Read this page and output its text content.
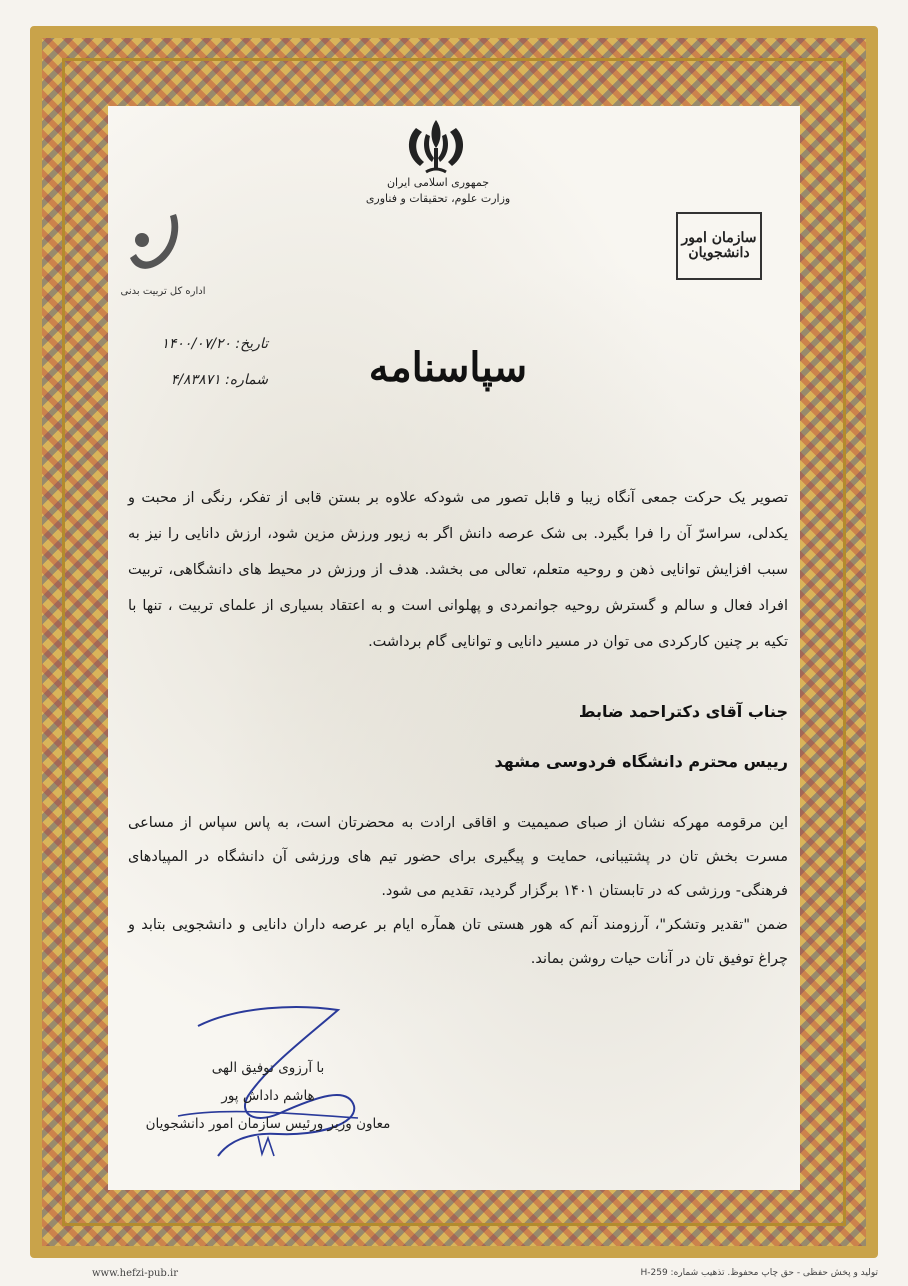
جمهوری اسلامی ایران
وزارت علوم، تحقیقات و فناوری
اداره کل تربیت بدنی
سازمان امور دانشجویان
تاریخ: ۱۴۰۰/۰۷/۲۰
شماره: ۴/۸۳۸۷۱	سپاسنامه
تصویر یک حرکت جمعی آنگاه زیبا و قابل تصور می شودکه علاوه بر بستن قابی از تفکر، رنگی از محبت و یکدلی، سراسرّ آن را فرا بگیرد. بی شک عرصه دانش اگر به زیور ورزش مزین شود، ارزش دانایی را نیز به سبب افزایش توانایی ذهن و روحیه متعلم، تعالی می بخشد. هدف از ورزش در محیط های دانشگاهی، تربیت افراد فعال و سالم و گسترش روحیه جوانمردی و پهلوانی است و به اعتقاد بسیاری از علمای تربیت ، تنها با تکیه بر چنین کارکردی می توان در مسیر دانایی و توانایی گام برداشت.
جناب آقای دکتراحمد ضابط
رییس محترم دانشگاه فردوسی مشهد
این مرقومه مهرکه نشان از صبای صمیمیت و اقاقی ارادت به محضرتان است، به پاس سپاس از مساعی مسرت بخش تان در پشتیبانی، حمایت و پیگیری برای حضور تیم های ورزشی آن دانشگاه در المپیادهای فرهنگی- ورزشی که در تابستان ۱۴۰۱ برگزار گردید، تقدیم می شود.
ضمن "تقدیر وتشکر"، آرزومند آنم که هور هستی تان همآره ایام بر عرصه داران دانایی و دانشجویی بتابد و چراغ توفیق تان در آنات حیات روشن بماند.
با آرزوی توفیق الهی
هاشم داداش پور
معاون وزیر ورئیس سازمان امور دانشجویان
www.hefzi-pub.ir	تولید و پخش حفظی - حق چاپ محفوظ. تذهیب شماره: H-259
